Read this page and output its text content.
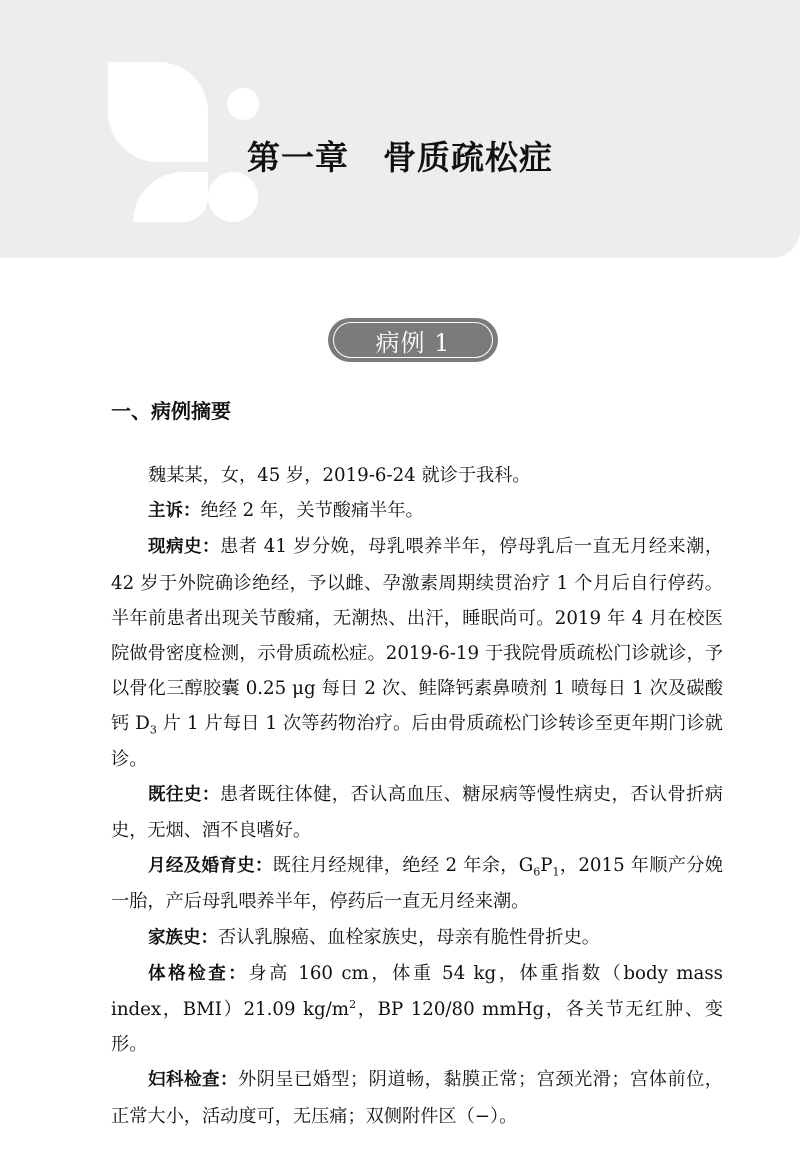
第一章　骨质疏松症
病例 1
一、病例摘要

魏某某，女，45 岁，2019-6-24 就诊于我科。

主诉：绝经 2 年，关节酸痛半年。

现病史：患者 41 岁分娩，母乳喂养半年，停母乳后一直无月经来潮，42 岁于外院确诊绝经，予以雌、孕激素周期续贯治疗 1 个月后自行停药。半年前患者出现关节酸痛，无潮热、出汗，睡眠尚可。2019 年 4 月在校医院做骨密度检测，示骨质疏松症。2019-6-19 于我院骨质疏松门诊就诊，予以骨化三醇胶囊 0.25 μg 每日 2 次、鲑降钙素鼻喷剂 1 喷每日 1 次及碳酸钙 $D_3$ 片 1 片每日 1 次等药物治疗。后由骨质疏松门诊转诊至更年期门诊就诊。

既往史：患者既往体健，否认高血压、糖尿病等慢性病史，否认骨折病史，无烟、酒不良嗜好。

月经及婚育史：既往月经规律，绝经 2 年余，$G_6P_1$，2015 年顺产分娩一胎，产后母乳喂养半年，停药后一直无月经来潮。

家族史：否认乳腺癌、血栓家族史，母亲有脆性骨折史。

体格检查：身高 160 cm，体重 54 kg，体重指数（body mass index，BMI）21.09 $kg/m^2$，BP 120/80 mmHg，各关节无红肿、变形。

妇科检查：外阴呈已婚型；阴道畅，黏膜正常；宫颈光滑；宫体前位，正常大小，活动度可，无压痛；双侧附件区（−）。
